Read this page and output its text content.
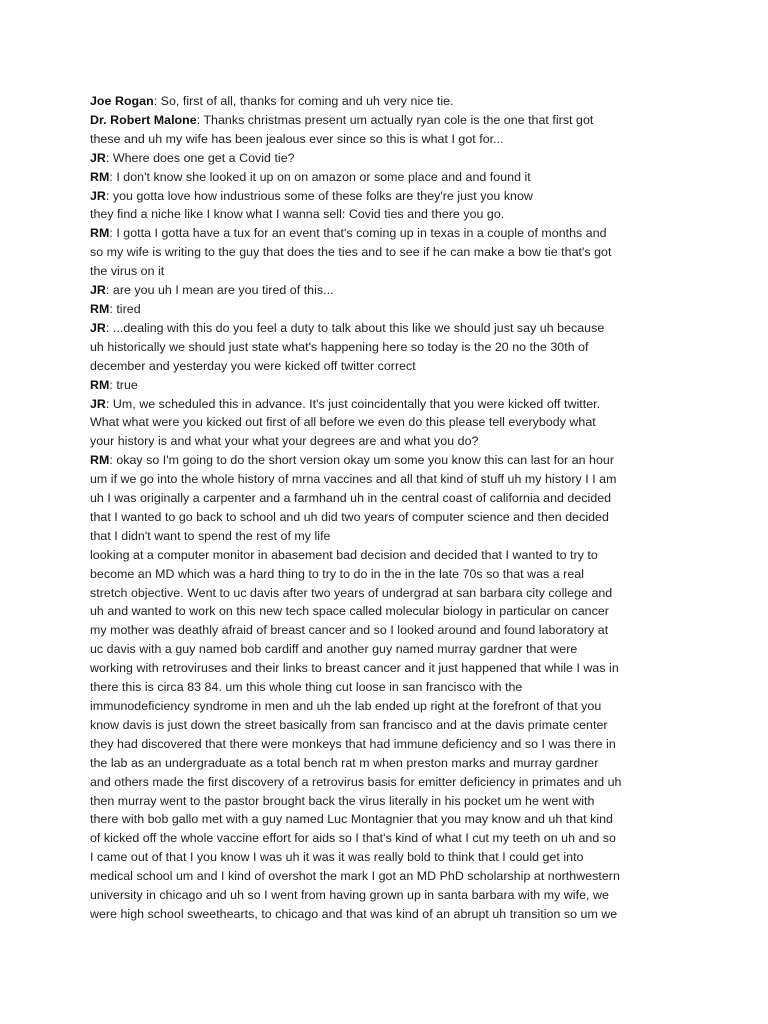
Joe Rogan: So, first of all, thanks for coming and uh very nice tie.
Dr. Robert Malone: Thanks christmas present um actually ryan cole is the one that first got
these and uh my wife has been jealous ever since so this is what I got for...
JR: Where does one get a Covid tie?
RM: I don't know she looked it up on on amazon or some place and and found it
JR: you gotta love how industrious some of these folks are they're just you know
they find a niche like I know what I wanna sell: Covid ties and there you go.
RM: I gotta I gotta have a tux for an event that's coming up in texas in a couple of months and
so my wife is writing to the guy that does the ties and to see if he can make a bow tie that's got
the virus on it
JR: are you uh I mean are you tired of this...
RM: tired
JR: ...dealing with this do you feel a duty to talk about this like we should just say uh because
uh historically we should just state what's happening here so today is the 20 no the 30th of
december and yesterday you were kicked off twitter correct
RM: true
JR: Um, we scheduled this in advance. It's just coincidentally that you were kicked off twitter.
What what were you kicked out first of all before we even do this please tell everybody what
your history is and what your what your degrees are and what you do?
RM: okay so I'm going to do the short version okay um some you know this can last for an hour
um if we go into the whole history of mrna vaccines and all that kind of stuff uh my history I I am
uh I was originally a carpenter and a farmhand uh in the central coast of california and decided
that I wanted to go back to school and uh did two years of computer science and then decided
that I didn't want to spend the rest of my life
looking at a computer monitor in abasement bad decision and decided that I wanted to try to
become an MD which was a hard thing to try to do in the in the late 70s so that was a real
stretch objective. Went to uc davis after two years of undergrad at san barbara city college and
uh and wanted to work on this new tech space called molecular biology in particular on cancer
my mother was deathly afraid of breast cancer and so I looked around and found laboratory at
uc davis with a guy named bob cardiff and another guy named murray gardner that were
working with retroviruses and their links to breast cancer and it just happened that while I was in
there this is circa 83 84. um this whole thing cut loose in san francisco with the
immunodeficiency syndrome in men and uh the lab ended up right at the forefront of that you
know davis is just down the street basically from san francisco and at the davis primate center
they had discovered that there were monkeys that had immune deficiency and so I was there in
the lab as an undergraduate as a total bench rat m when preston marks and murray gardner
and others made the first discovery of a retrovirus basis for emitter deficiency in primates and uh
then murray went to the pastor brought back the virus literally in his pocket um he went with
there with bob gallo met with a guy named Luc Montagnier that you may know and uh that kind
of kicked off the whole vaccine effort for aids so I that's kind of what I cut my teeth on uh and so
I came out of that I you know I was uh it was it was really bold to think that I could get into
medical school um and I kind of overshot the mark I got an MD PhD scholarship at northwestern
university in chicago and uh so I went from having grown up in santa barbara with my wife, we
were high school sweethearts, to chicago and that was kind of an abrupt uh transition so um we
